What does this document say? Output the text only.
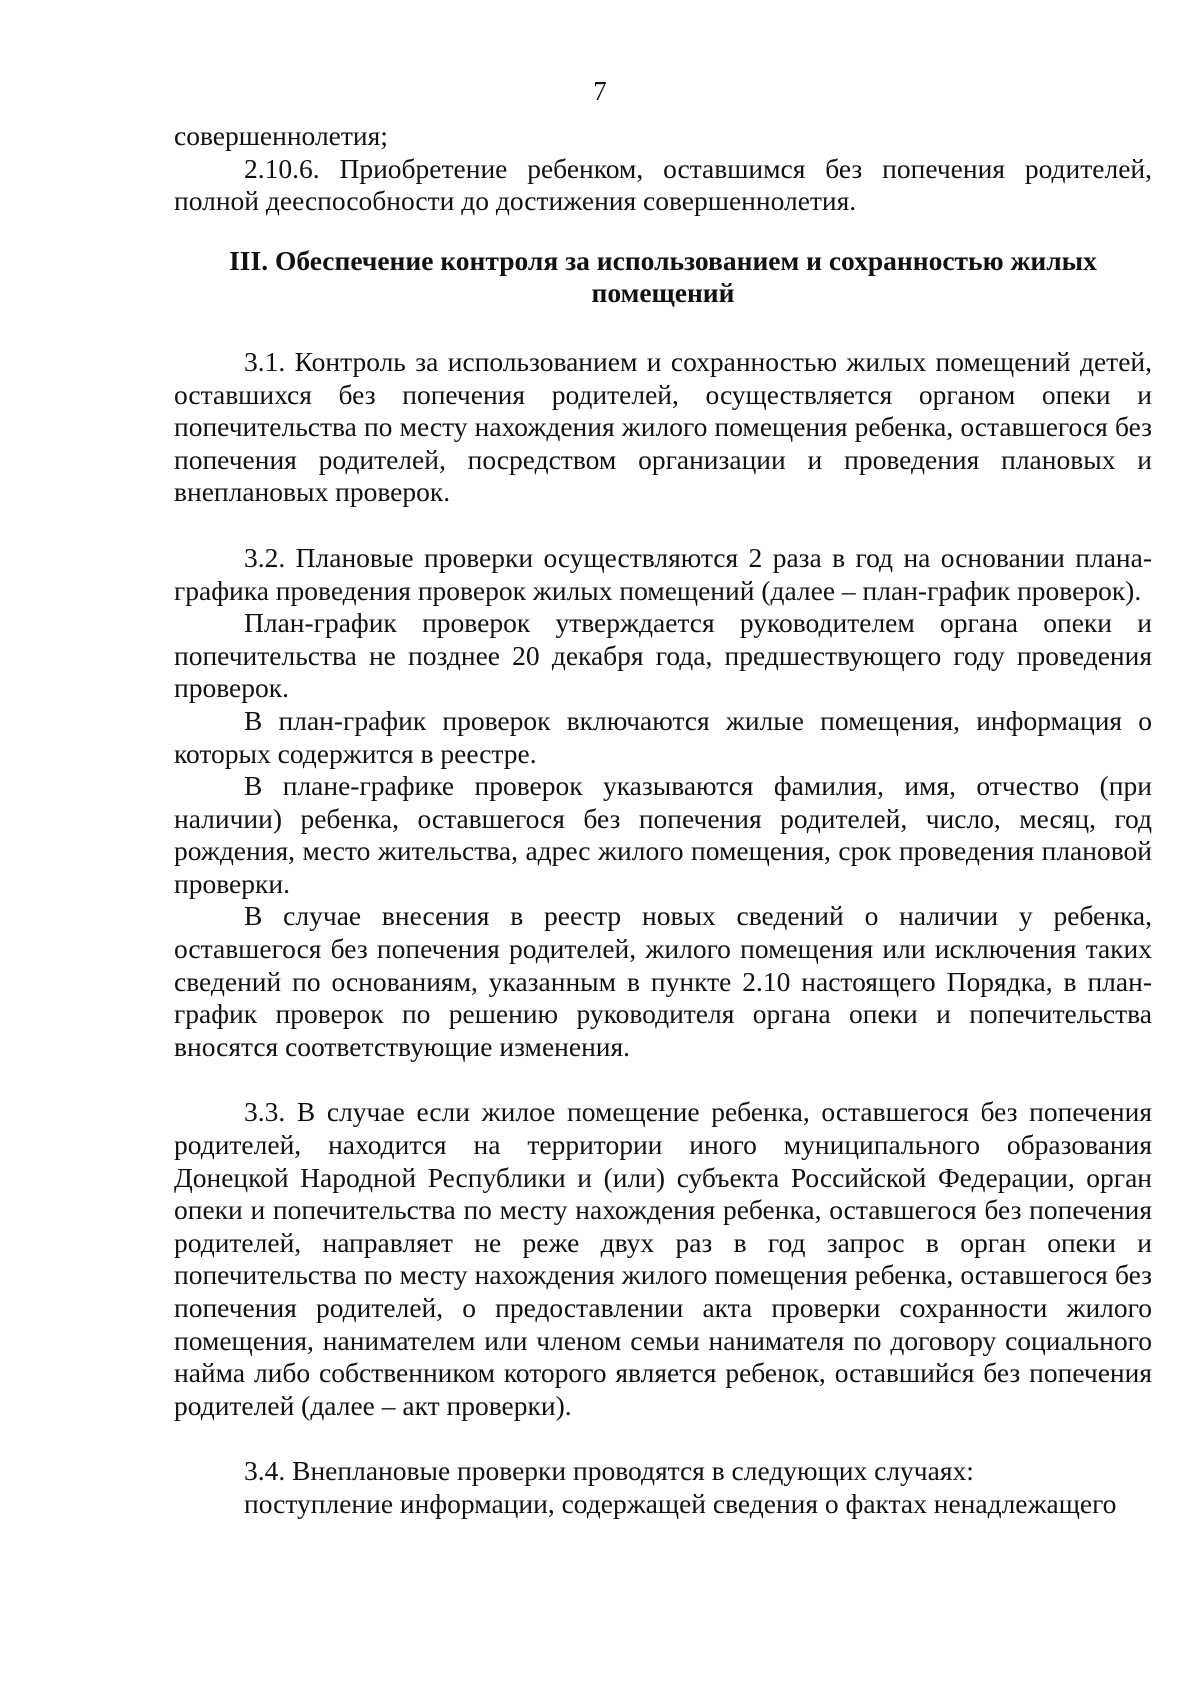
7

совершеннолетия;

2.10.6. Приобретение ребенком, оставшимся без попечения родителей, полной дееспособности до достижения совершеннолетия.

III. Обеспечение контроля за использованием и сохранностью жилых помещений

3.1. Контроль за использованием и сохранностью жилых помещений детей, оставшихся без попечения родителей, осуществляется органом опеки и попечительства по месту нахождения жилого помещения ребенка, оставшегося без попечения родителей, посредством организации и проведения плановых и внеплановых проверок.

3.2. Плановые проверки осуществляются 2 раза в год на основании плана-графика проведения проверок жилых помещений (далее – план-график проверок).

План-график проверок утверждается руководителем органа опеки и попечительства не позднее 20 декабря года, предшествующего году проведения проверок.

В план-график проверок включаются жилые помещения, информация о которых содержится в реестре.

В плане-графике проверок указываются фамилия, имя, отчество (при наличии) ребенка, оставшегося без попечения родителей, число, месяц, год рождения, место жительства, адрес жилого помещения, срок проведения плановой проверки.

В случае внесения в реестр новых сведений о наличии у ребенка, оставшегося без попечения родителей, жилого помещения или исключения таких сведений по основаниям, указанным в пункте 2.10 настоящего Порядка, в план-график проверок по решению руководителя органа опеки и попечительства вносятся соответствующие изменения.

3.3. В случае если жилое помещение ребенка, оставшегося без попечения родителей, находится на территории иного муниципального образования Донецкой Народной Республики и (или) субъекта Российской Федерации, орган опеки и попечительства по месту нахождения ребенка, оставшегося без попечения родителей, направляет не реже двух раз в год запрос в орган опеки и попечительства по месту нахождения жилого помещения ребенка, оставшегося без попечения родителей, о предоставлении акта проверки сохранности жилого помещения, нанимателем или членом семьи нанимателя по договору социального найма либо собственником которого является ребенок, оставшийся без попечения родителей (далее – акт проверки).

3.4. Внеплановые проверки проводятся в следующих случаях:

поступление информации, содержащей сведения о фактах ненадлежащего
